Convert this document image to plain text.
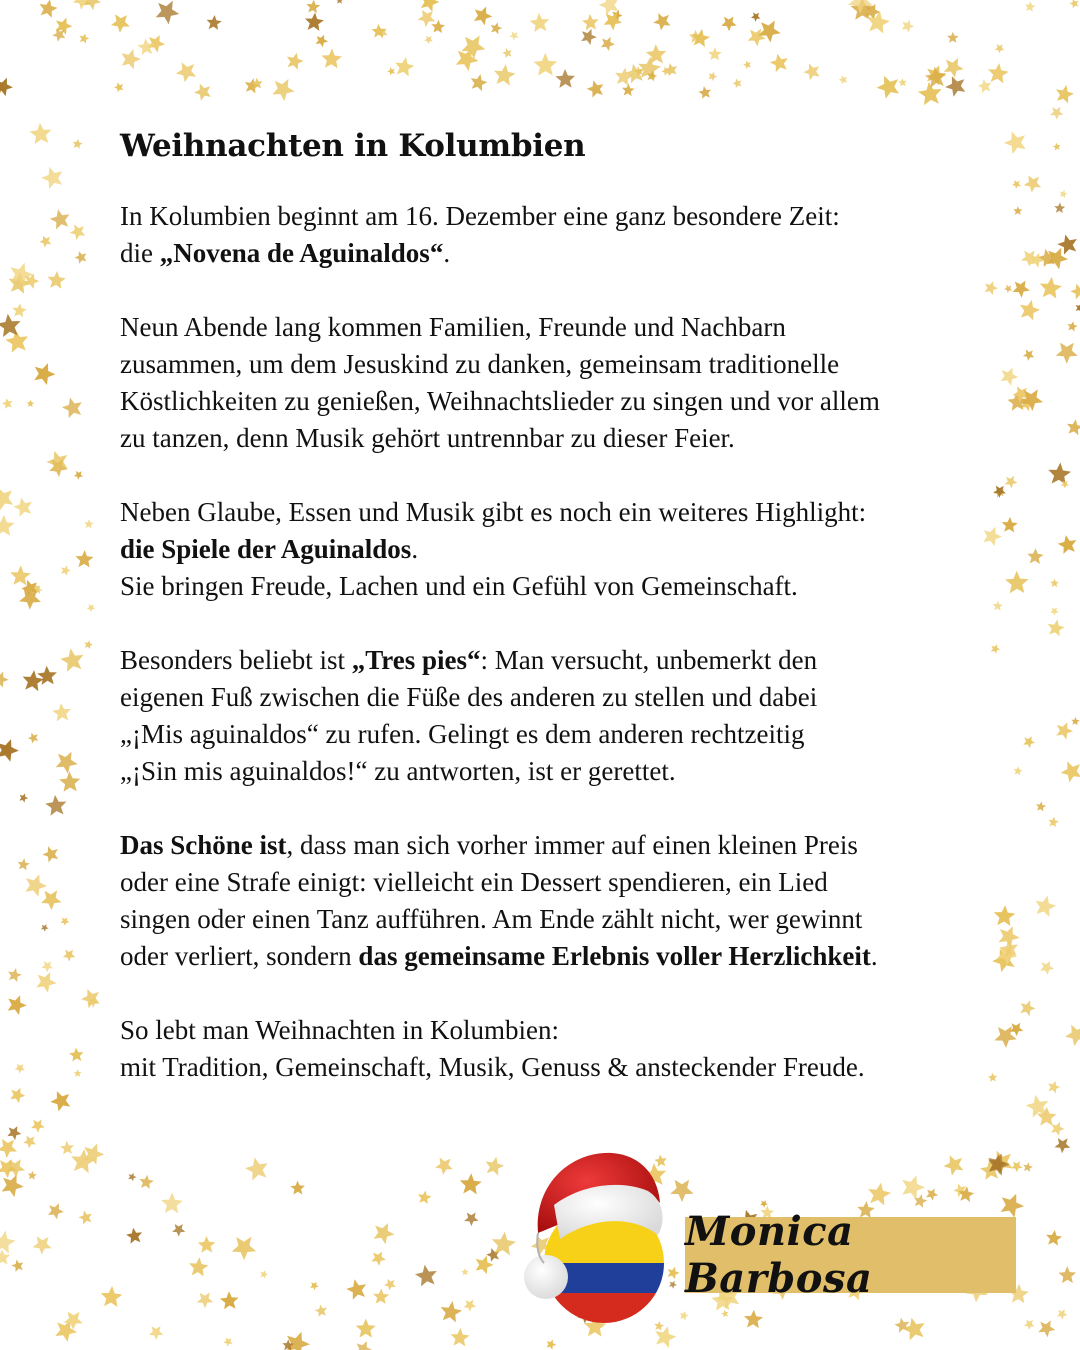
Weihnachten in Kolumbien
In Kolumbien beginnt am 16. Dezember eine ganz besondere Zeit:
die „Novena de Aguinaldos“.
Neun Abende lang kommen Familien, Freunde und Nachbarn
zusammen, um dem Jesuskind zu danken, gemeinsam traditionelle
Köstlichkeiten zu genießen, Weihnachtslieder zu singen und vor allem
zu tanzen, denn Musik gehört untrennbar zu dieser Feier.
Neben Glaube, Essen und Musik gibt es noch ein weiteres Highlight:
die Spiele der Aguinaldos.
Sie bringen Freude, Lachen und ein Gefühl von Gemeinschaft.
Besonders beliebt ist „Tres pies“: Man versucht, unbemerkt den
eigenen Fuß zwischen die Füße des anderen zu stellen und dabei
„¡Mis aguinaldos“ zu rufen. Gelingt es dem anderen rechtzeitig
„¡Sin mis aguinaldos!“ zu antworten, ist er gerettet.
Das Schöne ist, dass man sich vorher immer auf einen kleinen Preis
oder eine Strafe einigt: vielleicht ein Dessert spendieren, ein Lied
singen oder einen Tanz aufführen. Am Ende zählt nicht, wer gewinnt
oder verliert, sondern das gemeinsame Erlebnis voller Herzlichkeit.
So lebt man Weihnachten in Kolumbien:
mit Tradition, Gemeinschaft, Musik, Genuss & ansteckender Freude.
Monica Barbosa
